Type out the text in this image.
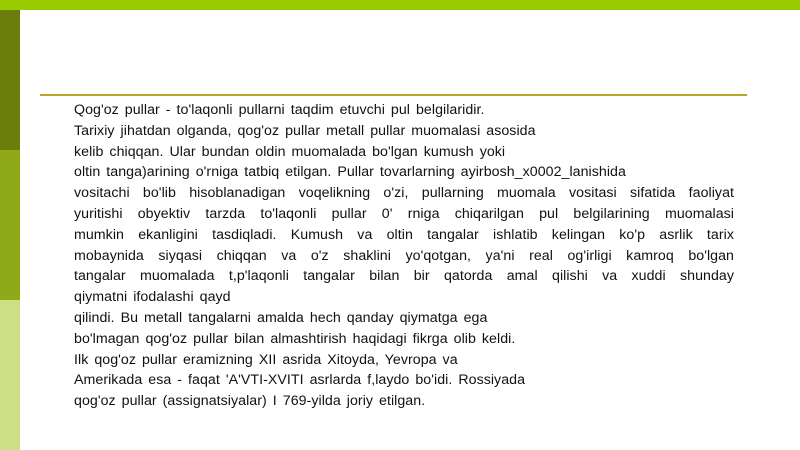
Qog'oz pullar - to'laqonli pullarni taqdim etuvchi pul belgilaridir.
Tarixiy jihatdan olganda, qog'oz pullar metall pullar muomalasi asosida
kelib chiqqan. Ular bundan oldin muomalada bo'lgan kumush yoki
oltin tanga)arining o'rniga tatbiq etilgan. Pullar tovarlarning ayirbosh_x0002_lanishida
vositachi bo'lib hisoblanadigan voqelikning o'zi, pullarning muomala vositasi sifatida faoliyat
yuritishi obyektiv tarzda to'laqonli pullar 0' rniga chiqarilgan pul belgilarining muomalasi
mumkin ekanligini tasdiqladi. Kumush va oltin tangalar ishlatib kelingan ko'p asrlik tarix
mobaynida siyqasi chiqqan va o'z shaklini yo'qotgan, ya'ni real og'irligi kamroq bo'lgan
tangalar muomalada t,p'laqonli tangalar bilan bir qatorda amal qilishi va xuddi shunday
qiymatni ifodalashi qayd
qilindi. Bu metall tangalarni amalda hech qanday qiymatga ega
bo'lmagan qog'oz pullar bilan almashtirish haqidagi fikrga olib keldi.
Ilk qog'oz pullar eramizning XII asrida Xitoyda, Yevropa va
Amerikada esa - faqat 'A'VTI-XVITI asrlarda f,laydo bo'idi. Rossiyada
qog'oz pullar (assignatsiyalar) I 769-yilda joriy etilgan.
